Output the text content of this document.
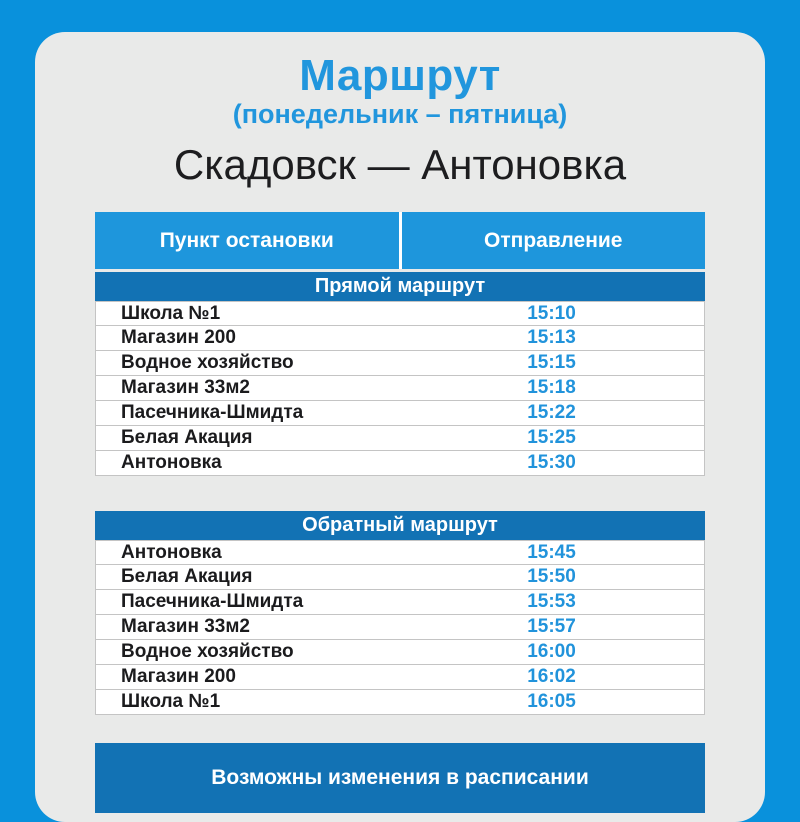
Маршрут
(понедельник – пятница)
Скадовск — Антоновка
Пункт остановки	Отправление
Прямой маршрут
Школа №1	15:10
Магазин 200	15:13
Водное хозяйство	15:15
Магазин 33м2	15:18
Пасечника-Шмидта	15:22
Белая Акация	15:25
Антоновка	15:30
Обратный маршрут
Антоновка	15:45
Белая Акация	15:50
Пасечника-Шмидта	15:53
Магазин 33м2	15:57
Водное хозяйство	16:00
Магазин 200	16:02
Школа №1	16:05
Возможны изменения в расписании
